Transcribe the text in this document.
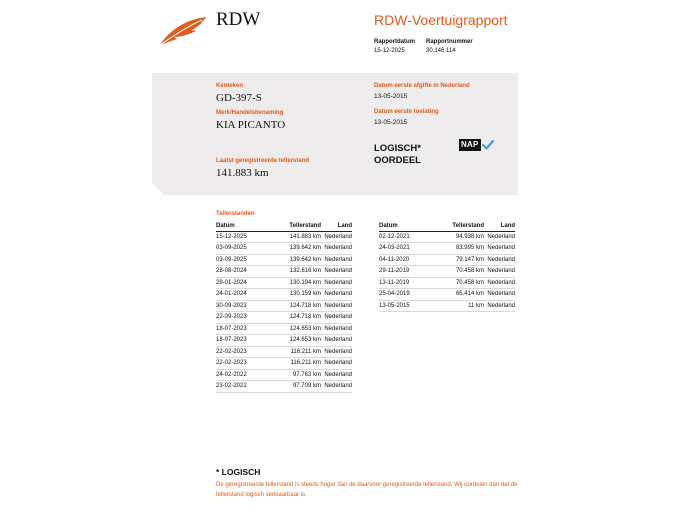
RDW	RDW-Voertuigrapport
Rapportdatum
15-12-2025
Rapportnummer
30.146.114
Kenteken
GD-397-S
Merk/Handelsbenaming
KIA PICANTO
Laatst geregistreerde tellerstand
141.883 km
Datum eerste afgifte in Nederland
13-05-2015
Datum eerste toelating
13-05-2015
LOGISCH* OORDEEL
NAP
Tellerstanden
Datum	Tellerstand	Land
15-12-2025	141.883 km	Nederland
03-09-2025	139.642 km	Nederland
03-09-2025	139.642 km	Nederland
28-08-2024	132.616 km	Nederland
29-01-2024	130.194 km	Nederland
24-01-2024	130.159 km	Nederland
30-09-2023	124.718 km	Nederland
22-09-2023	124.718 km	Nederland
18-07-2023	124.653 km	Nederland
18-07-2023	124.653 km	Nederland
22-02-2023	116.211 km	Nederland
22-02-2023	116.211 km	Nederland
24-02-2022	97.763 km	Nederland
23-02-2022	97.709 km	Nederland
Datum	Tellerstand	Land
02-12-2021	94.938 km	Nederland
24-03-2021	83.995 km	Nederland
04-11-2020	79.147 km	Nederland
29-11-2019	70.458 km	Nederland
13-11-2019	70.458 km	Nederland
25-04-2019	65.414 km	Nederland
13-05-2015	11 km	Nederland
* LOGISCH
De geregistreerde tellerstand is steeds hoger dan de daarvoor geregistreerde tellerstand. Wij oordelen dan dat de tellerstand logisch verklaarbaar is.
